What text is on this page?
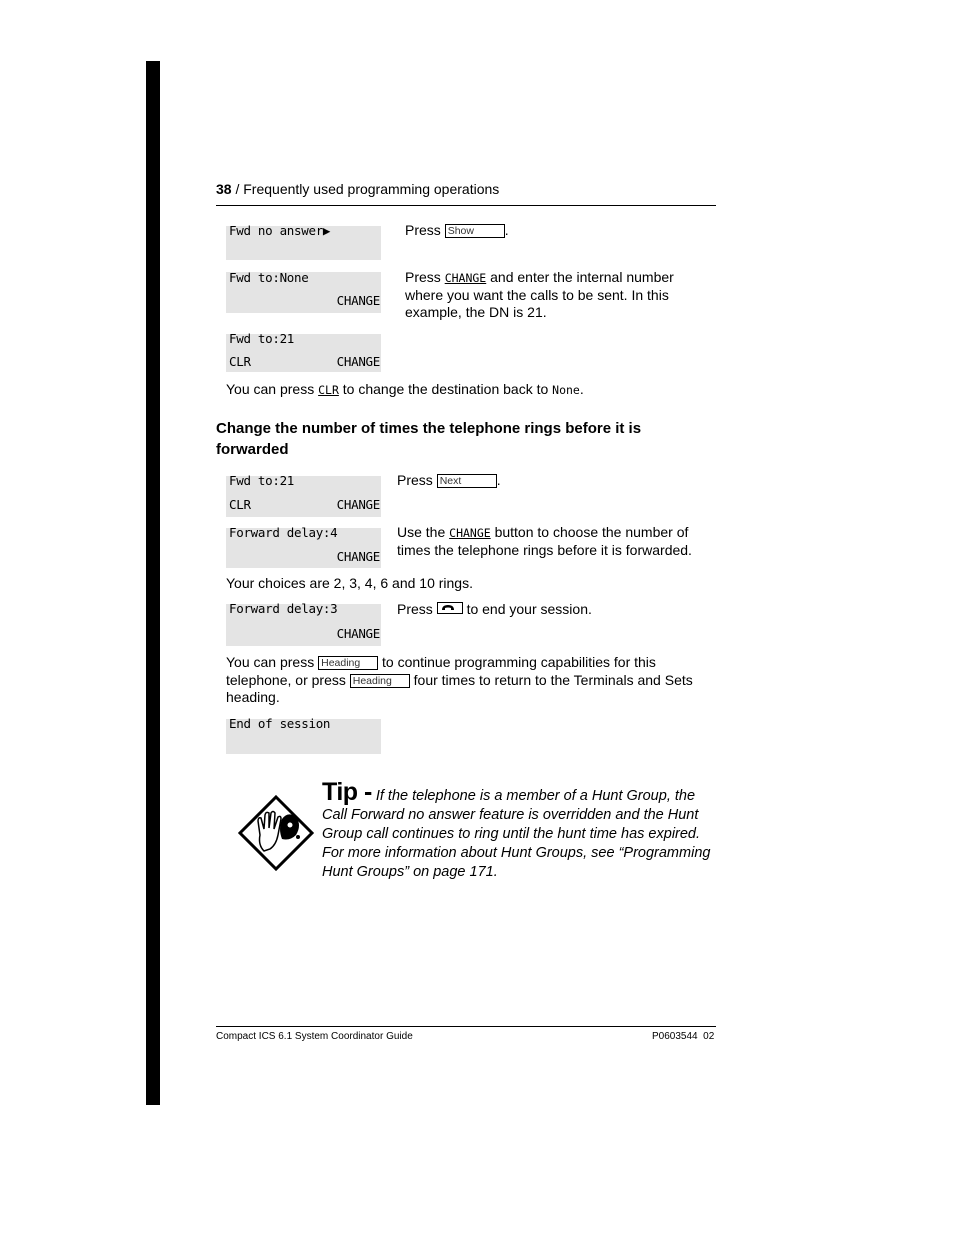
38 / Frequently used programming operations
Fwd no answer▶	Press Show .
Fwd to:None
CHANGE
Press CHANGE and enter the internal number
where you want the calls to be sent. In this
example, the DN is 21.
Fwd to:21
CLR	CHANGE
You can press CLR to change the destination back to None.
Change the number of times the telephone rings before it is forwarded
Fwd to:21
CLR	CHANGE
Press Next	.
Forward delay:4
CHANGE
Use the CHANGE button to choose the number of
times the telephone rings before it is forwarded.
Your choices are 2, 3, 4, 6 and 10 rings.
Forward delay:3
CHANGE
Press to end your session.
You can press Heading to continue programming capabilities for this
telephone, or press Heading four times to return to the Terminals and Sets
heading.
End of session
Tip - If the telephone is a member of a Hunt Group, the Call Forward no answer feature is overridden and the Hunt Group call continues to ring until the hunt time has expired. For more information about Hunt Groups, see “Programming Hunt Groups” on page 171.
Compact ICS 6.1 System Coordinator Guide	P0603544  02
